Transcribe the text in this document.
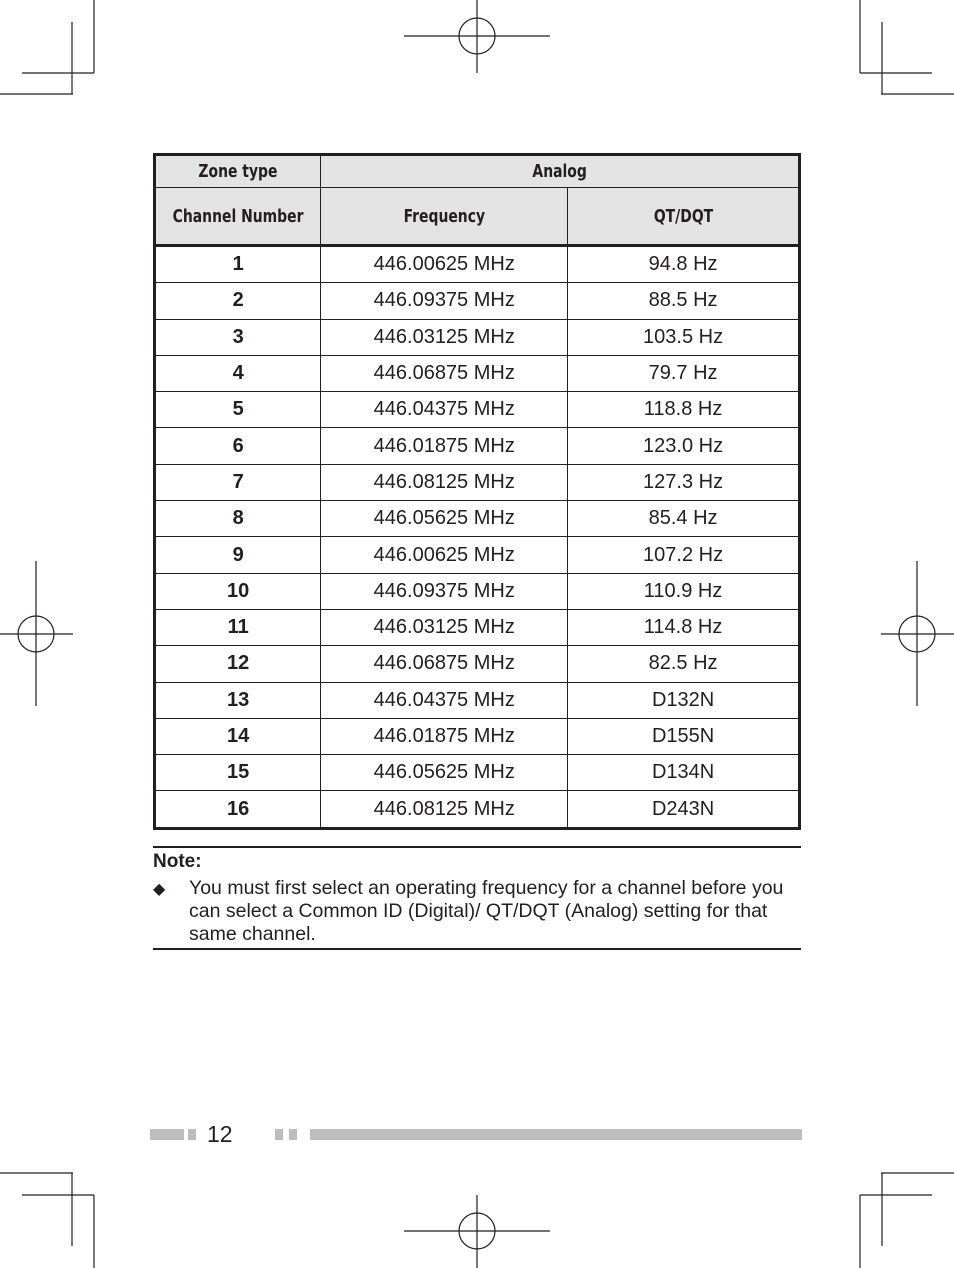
Zone type	Analog	
Channel Number	Frequency	QT/DQT
1	446.00625 MHz	94.8 Hz
2	446.09375 MHz	88.5 Hz
3	446.03125 MHz	103.5 Hz
4	446.06875 MHz	79.7 Hz
5	446.04375 MHz	118.8 Hz
6	446.01875 MHz	123.0 Hz
7	446.08125 MHz	127.3 Hz
8	446.05625 MHz	85.4 Hz
9	446.00625 MHz	107.2 Hz
10	446.09375 MHz	110.9 Hz
11	446.03125 MHz	114.8 Hz
12	446.06875 MHz	82.5 Hz
13	446.04375 MHz	D132N
14	446.01875 MHz	D155N
15	446.05625 MHz	D134N
16	446.08125 MHz	D243N
Note:
◆ You must first select an operating frequency for a channel before you can select a Common ID (Digital)/ QT/DQT (Analog) setting for that same channel.
12
